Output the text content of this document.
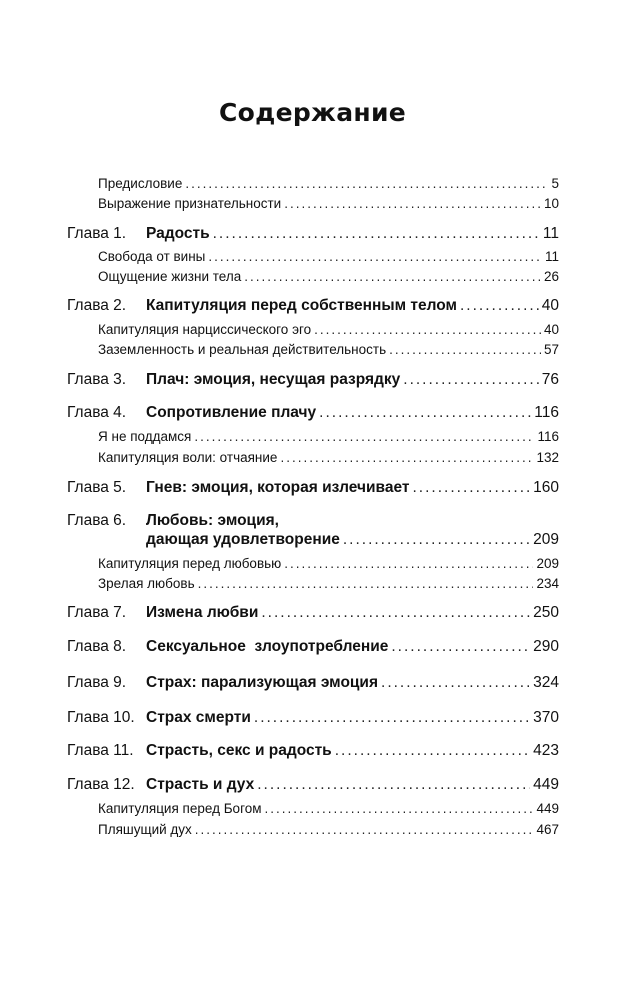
Содержание
Предисловие .....	5
Выражение признательности .....	10
Глава 1.	Радость .....	11
Свобода от вины .....	11
Ощущение жизни тела .....	26
Глава 2.	Капитуляция перед собственным телом .....	40
Капитуляция нарциссического эго .....	40
Заземленность и реальная действительность .....	57
Глава 3.	Плач: эмоция, несущая разрядку .....	76
Глава 4.	Сопротивление плачу .....	116
Я не поддамся .....	116
Капитуляция воли: отчаяние .....	132
Глава 5.	Гнев: эмоция, которая излечивает .....	160
Глава 6. Любовь: эмоция,
дающая удовлетворение .....	209
Капитуляция перед любовью .....	209
Зрелая любовь .....	234
Глава 7.	Измена любви .....	250
Глава 8.	Сексуальное  злоупотребление .....	290
Глава 9.	Страх: парализующая эмоция .....	324
Глава 10. Страх смерти .....	370
Глава 11. Страсть, секс и радость .....	423
Глава 12. Страсть и дух .....	449
Капитуляция перед Богом .....	449
Пляшущий дух .....	467
